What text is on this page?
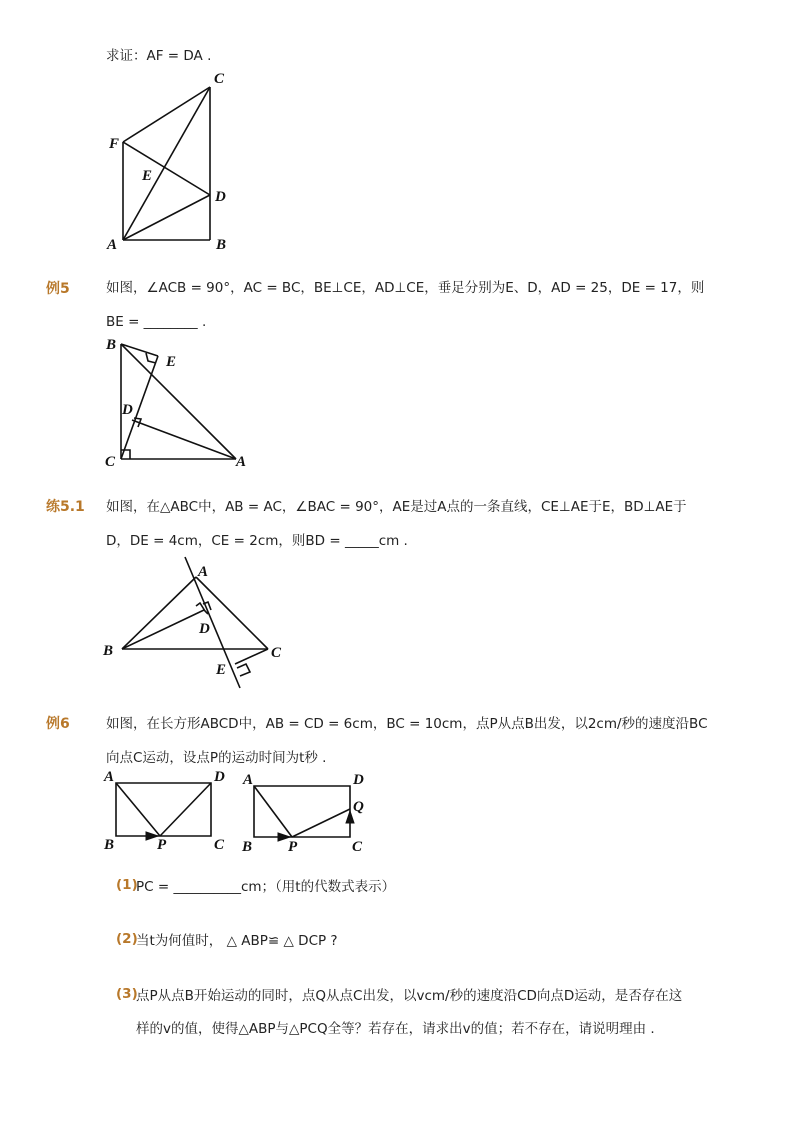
求证：AF = DA .
C
F
E
D
A	B
例5	如图，∠ACB = 90°，AC = BC，BE⊥CE，AD⊥CE，垂足分别为E、D，AD = 25，DE = 17，则
BE = ________ .
B
E
D
C	A
练5.1 如图，在△ABC中，AB = AC，∠BAC = 90°，AE是过A点的一条直线，CE⊥AE于E，BD⊥AE于
D，DE = 4cm，CE = 2cm，则BD = _____cm .
A
D
B	C
E
例6	如图，在长方形ABCD中，AB = CD = 6cm，BC = 10cm，点P从点B出发，以2cm/秒的速度沿BC
向点C运动，设点P的运动时间为t秒 .
A	D
B	P	C
A	D
Q
B P	C
(1)
PC = __________cm；（用t的代数式表示）
(2)
当t为何值时， △ ABP≌ △ DCP ?
(3)
点P从点B开始运动的同时，点Q从点C出发，以vcm/秒的速度沿CD向点D运动，是否存在这
样的v的值，使得△ABP与△PCQ全等？若存在，请求出v的值；若不存在，请说明理由 .
